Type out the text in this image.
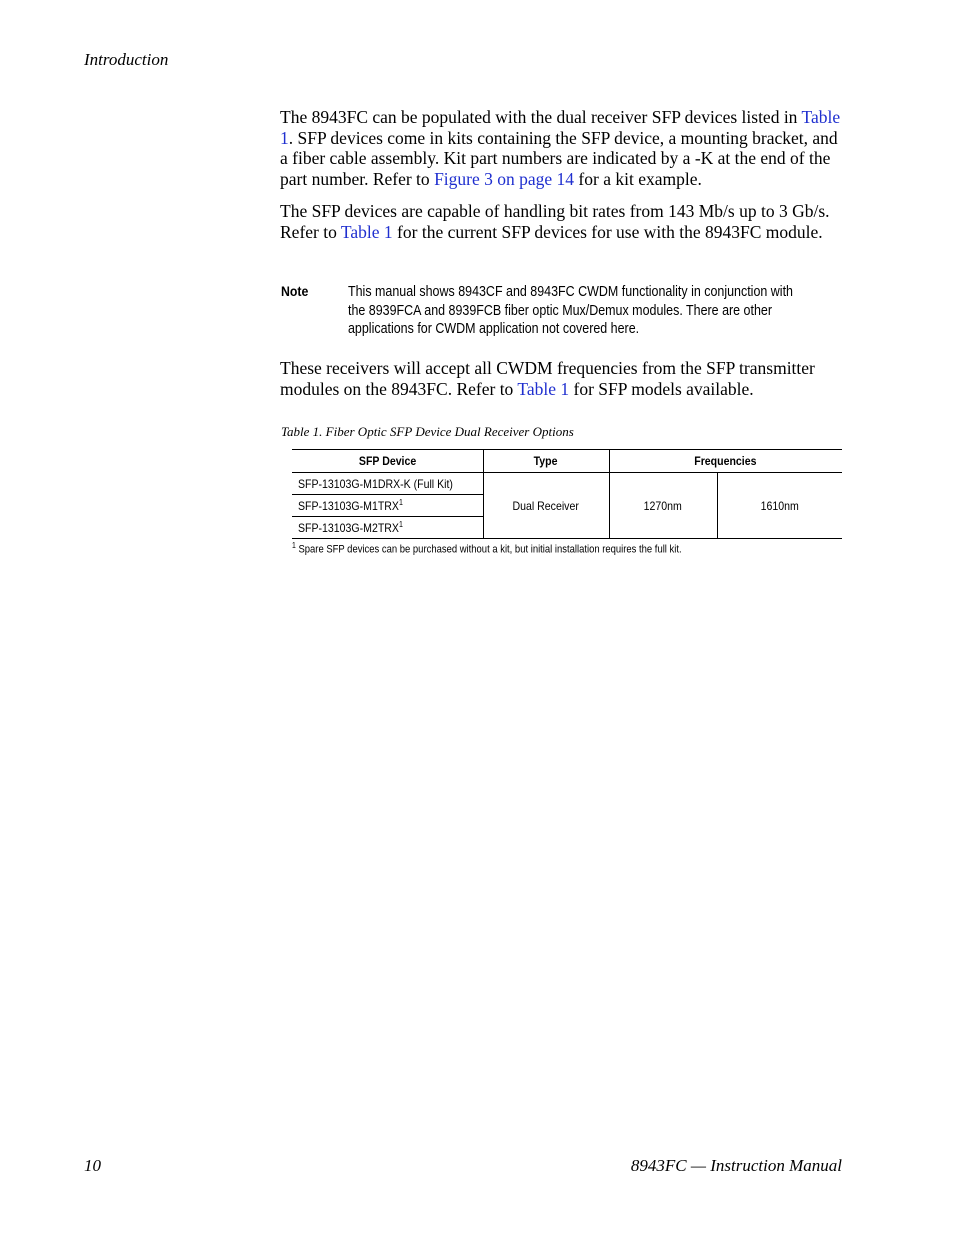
Introduction

The 8943FC can be populated with the dual receiver SFP devices listed in Table 1. SFP devices come in kits containing the SFP device, a mounting bracket, and a fiber cable assembly. Kit part numbers are indicated by a -K at the end of the part number. Refer to Figure 3 on page 14 for a kit example.

The SFP devices are capable of handling bit rates from 143 Mb/s up to 3 Gb/s. Refer to Table 1 for the current SFP devices for use with the 8943FC module.

Note	This manual shows 8943CF and 8943FC CWDM functionality in conjunction with the 8939FCA and 8939FCB fiber optic Mux/Demux modules. There are other applications for CWDM application not covered here.

These receivers will accept all CWDM frequencies from the SFP transmitter modules on the 8943FC. Refer to Table 1 for SFP models available.

Table 1. Fiber Optic SFP Device Dual Receiver Options
SFP Device	Type	Frequencies	
SFP-13103G-M1DRX-K (Full Kit)	Dual Receiver	1270nm	1610nm
SFP-13103G-M1TRX$^1$
SFP-13103G-M2TRX$^1$
$^1$ Spare SFP devices can be purchased without a kit, but initial installation requires the full kit.
10	8943FC — Instruction Manual
